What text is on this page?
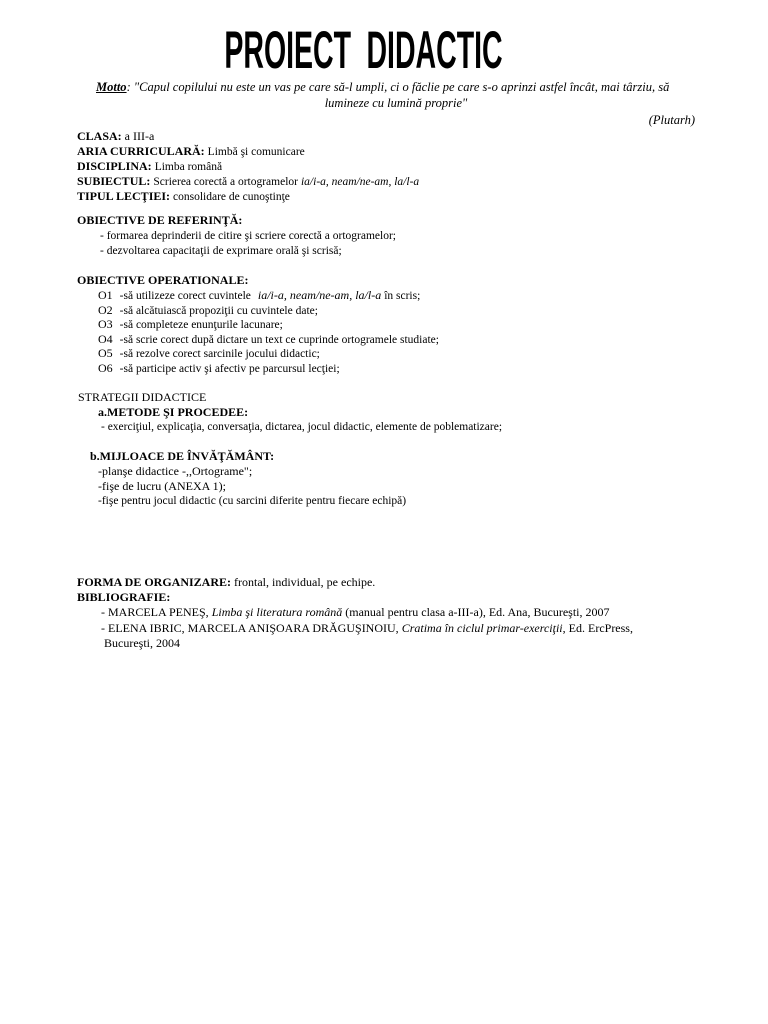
PROIECT DIDACTIC
Motto: "Capul copilului nu este un vas pe care să-l umpli, ci o făclie pe care s-o aprinzi astfel încât, mai târziu, să
lumineze cu lumină proprie"
(Plutarh)
CLASA: a III-a
ARIA CURRICULARĂ: Limbă şi comunicare
DISCIPLINA: Limba română
SUBIECTUL: Scrierea corectă a ortogramelor ia/i-a, neam/ne-am, la/l-a
TIPUL LECŢIEI: consolidare de cunoştinţe
OBIECTIVE DE REFERINŢĂ:
- formarea deprinderii de citire şi scriere corectă a ortogramelor;
- dezvoltarea capacitaţii de exprimare orală şi scrisă;
OBIECTIVE OPERATIONALE:
O1 -să utilizeze corect cuvintele ia/i-a, neam/ne-am, la/l-a în scris;
O2 -să alcătuiască propoziţii cu cuvintele date;
O3 -să completeze enunţurile lacunare;
O4 -să scrie corect după dictare un text ce cuprinde ortogramele studiate;
O5 -să rezolve corect sarcinile jocului didactic;
O6 -să participe activ şi afectiv pe parcursul lecţiei;
STRATEGII DIDACTICE
a.METODE ŞI PROCEDEE:
- exerciţiul, explicaţia, conversaţia, dictarea, jocul didactic, elemente de poblematizare;
b.MIJLOACE DE ÎNVĂŢĂMÂNT:
-planşe didactice -,,Ortograme";
-fişe de lucru (ANEXA 1);
-fişe pentru jocul didactic (cu sarcini diferite pentru fiecare echipă)
FORMA DE ORGANIZARE: frontal, individual, pe echipe.
BIBLIOGRAFIE:
- MARCELA PENEŞ, Limba şi literatura română (manual pentru clasa a-III-a), Ed. Ana, Bucureşti, 2007
- ELENA IBRIC, MARCELA ANIŞOARA DRĂGUŞINOIU, Cratima în ciclul primar-exerciţii, Ed. ErcPress,
Bucureşti, 2004
